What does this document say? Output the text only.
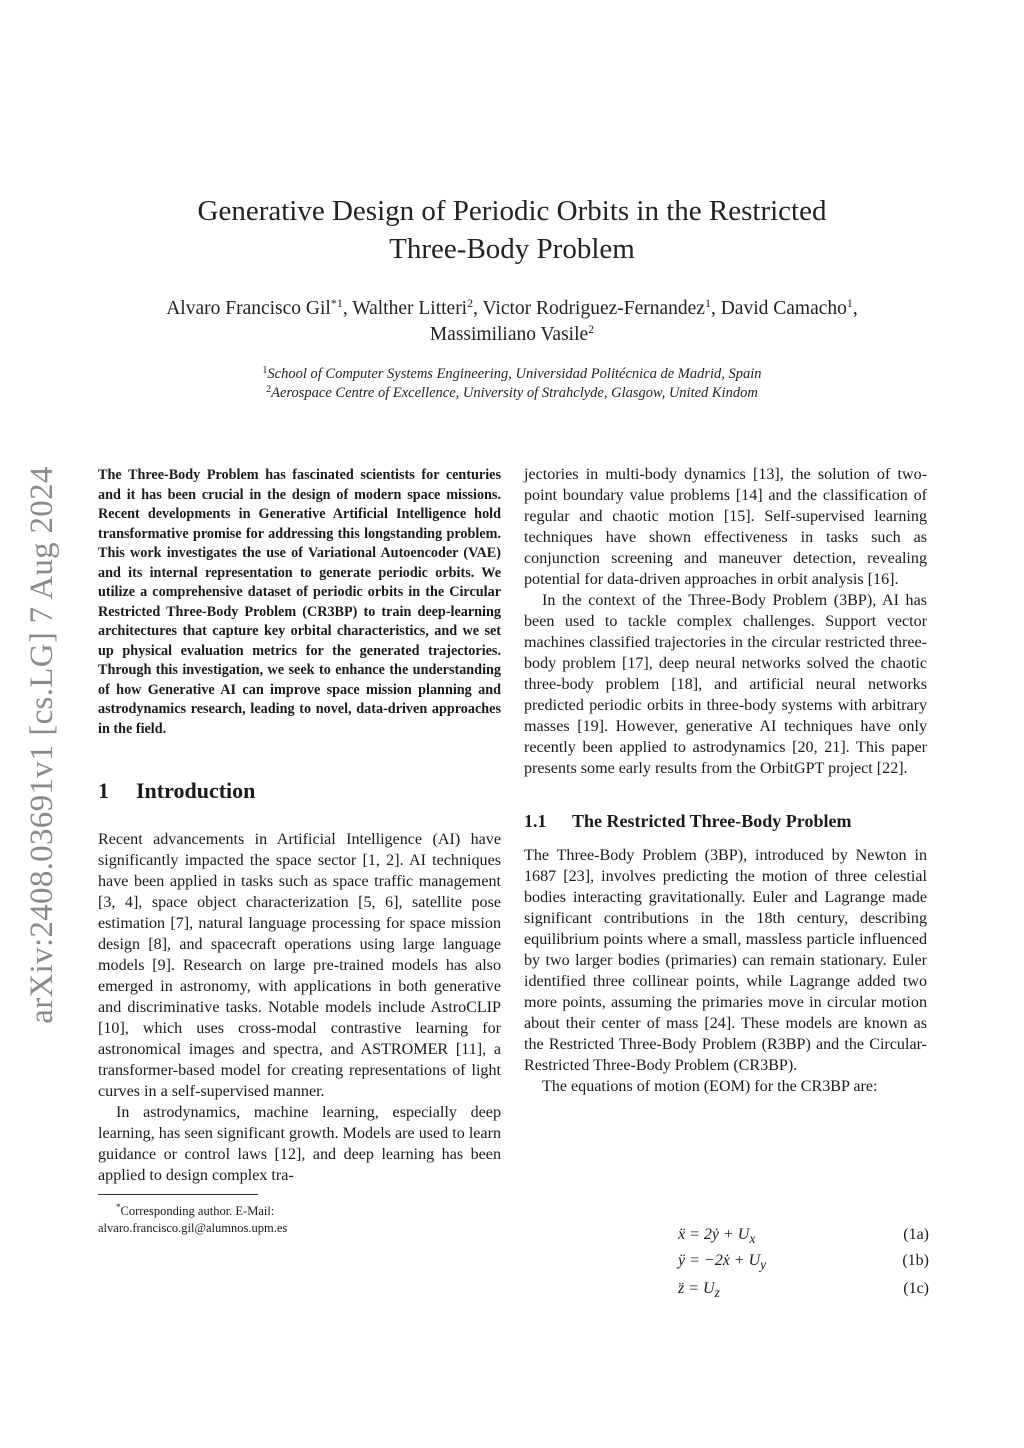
Generative Design of Periodic Orbits in the Restricted
Three-Body Problem
Alvaro Francisco Gil$^{*1}$, Walther Litteri$^2$, Victor Rodriguez-Fernandez$^1$, David Camacho$^1$,
Massimiliano Vasile$^2$
$^1$School of Computer Systems Engineering, Universidad Politécnica de Madrid, Spain
$^2$Aerospace Centre of Excellence, University of Strahclyde, Glasgow, United Kindom
arXiv:2408.03691v1 [cs.LG] 7 Aug 2024	The Three-Body Problem has fascinated scientists for centuries and it has been crucial in the design of modern space missions. Recent developments in Generative Artificial Intelligence hold transformative promise for addressing this longstanding problem. This work investigates the use of Variational Autoencoder (VAE) and its internal representation to generate periodic orbits. We utilize a comprehensive dataset of periodic orbits in the Circular Restricted Three-Body Problem (CR3BP) to train deep-learning architectures that capture key orbital characteristics, and we set up physical evaluation metrics for the generated trajectories. Through this investigation, we seek to enhance the understanding of how Generative AI can improve space mission planning and astrodynamics research, leading to novel, data-driven approaches in the field.

1 Introduction

Recent advancements in Artificial Intelligence (AI) have significantly impacted the space sector [1, 2]. AI techniques have been applied in tasks such as space traffic management [3, 4], space object characterization [5, 6], satellite pose estimation [7], natural language processing for space mission design [8], and spacecraft operations using large language models [9]. Research on large pre-trained models has also emerged in astronomy, with applications in both generative and discriminative tasks. Notable models include AstroCLIP [10], which uses cross-modal contrastive learning for astronomical images and spectra, and ASTROMER [11], a transformer-based model for creating representations of light curves in a self-supervised manner.

In astrodynamics, machine learning, especially deep learning, has seen significant growth. Models are used to learn guidance or control laws [12], and deep learning has been applied to design complex tra-

*Corresponding author. E-Mail:
alvaro.francisco.gil@alumnos.upm.es

jectories in multi-body dynamics [13], the solution of two-point boundary value problems [14] and the classification of regular and chaotic motion [15]. Self-supervised learning techniques have shown effectiveness in tasks such as conjunction screening and maneuver detection, revealing potential for data-driven approaches in orbit analysis [16].

In the context of the Three-Body Problem (3BP), AI has been used to tackle complex challenges. Support vector machines classified trajectories in the circular restricted three-body problem [17], deep neural networks solved the chaotic three-body problem [18], and artificial neural networks predicted periodic orbits in three-body systems with arbitrary masses [19]. However, generative AI techniques have only recently been applied to astrodynamics [20, 21]. This paper presents some early results from the OrbitGPT project [22].

1.1 The Restricted Three-Body Problem

The Three-Body Problem (3BP), introduced by Newton in 1687 [23], involves predicting the motion of three celestial bodies interacting gravitationally. Euler and Lagrange made significant contributions in the 18th century, describing equilibrium points where a small, massless particle influenced by two larger bodies (primaries) can remain stationary. Euler identified three collinear points, while Lagrange added two more points, assuming the primaries move in circular motion about their center of mass [24]. These models are known as the Restricted Three-Body Problem (R3BP) and the Circular-Restricted Three-Body Problem (CR3BP).

The equations of motion (EOM) for the CR3BP are:

ẍ = 2ẏ + $U_x$	(1a)
ÿ = −2ẋ + $U_y$	(1b)
z̈ = $U_z$	(1c)
